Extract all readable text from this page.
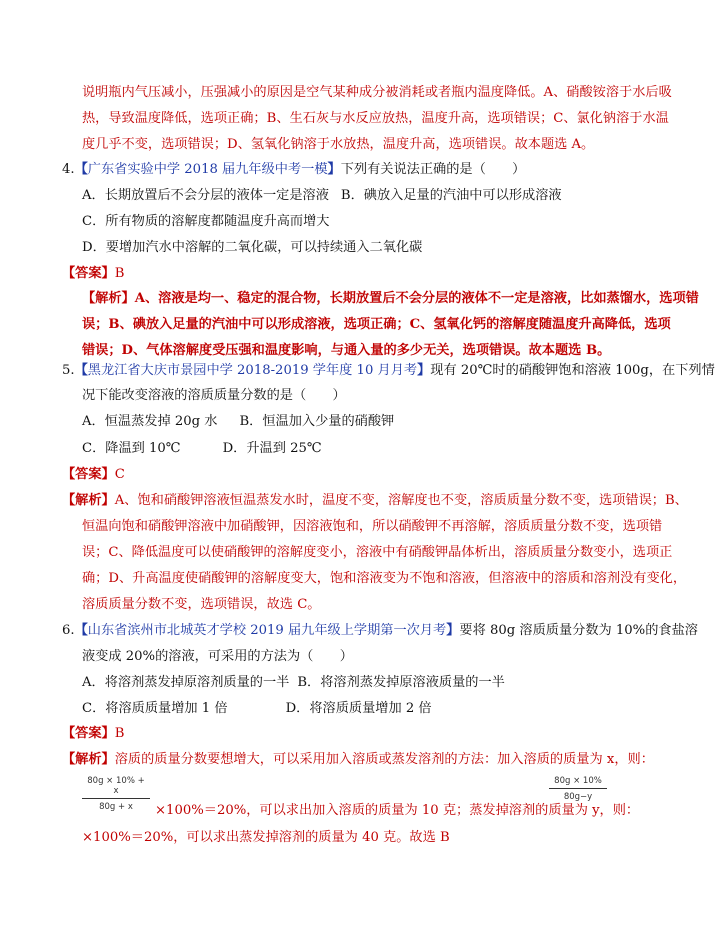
说明瓶内气压减小，压强减小的原因是空气某种成分被消耗或者瓶内温度降低。A、硝酸铵溶于水后吸
热，导致温度降低，选项正确；B、生石灰与水反应放热，温度升高，选项错误；C、氯化钠溶于水温
度几乎不变，选项错误；D、氢氧化钠溶于水放热，温度升高，选项错误。故本题选 A。
4.【广东省实验中学 2018 届九年级中考一模】下列有关说法正确的是（　　）
A．长期放置后不会分层的液体一定是溶液 B．碘放入足量的汽油中可以形成溶液
C．所有物质的溶解度都随温度升高而增大
D．要增加汽水中溶解的二氧化碳，可以持续通入二氧化碳
【答案】B
【解析】A、溶液是均一、稳定的混合物，长期放置后不会分层的液体不一定是溶液，比如蒸馏水，选项错
误；B、碘放入足量的汽油中可以形成溶液，选项正确；C、氢氧化钙的溶解度随温度升高降低，选项
错误；D、气体溶解度受压强和温度影响，与通入量的多少无关，选项错误。故本题选 B。
5.【黑龙江省大庆市景园中学 2018-2019 学年度 10 月月考】现有 20℃时的硝酸钾饱和溶液 100g，在下列情
况下能改变溶液的溶质质量分数的是（　　）
A．恒温蒸发掉 20g 水 B．恒温加入少量的硝酸钾
C．降温到 10℃	D．升温到 25℃
【答案】C
【解析】A、饱和硝酸钾溶液恒温蒸发水时，温度不变，溶解度也不变，溶质质量分数不变，选项错误；B、
恒温向饱和硝酸钾溶液中加硝酸钾，因溶液饱和，所以硝酸钾不再溶解，溶质质量分数不变，选项错
误；C、降低温度可以使硝酸钾的溶解度变小，溶液中有硝酸钾晶体析出，溶质质量分数变小，选项正
确；D、升高温度使硝酸钾的溶解度变大，饱和溶液变为不饱和溶液，但溶液中的溶质和溶剂没有变化，
溶质质量分数不变，选项错误，故选 C。
6.【山东省滨州市北城英才学校 2019 届九年级上学期第一次月考】要将 80g 溶质质量分数为 10%的食盐溶
液变成 20%的溶液，可采用的方法为（　　）
A．将溶剂蒸发掉原溶剂质量的一半 B．将溶剂蒸发掉原溶液质量的一半
C．将溶质质量增加 1 倍	D．将溶质质量增加 2 倍
【答案】B
【解析】溶质的质量分数要想增大，可以采用加入溶质或蒸发溶剂的方法：加入溶质的质量为 x，则：
80g × 10% + x
80g + x	×100%＝20%，可以求出加入溶质的质量为 10 克；蒸发掉溶剂的质量为 y，则：
80g × 10%
80g−y
×100%＝20%，可以求出蒸发掉溶剂的质量为 40 克。故选 B
